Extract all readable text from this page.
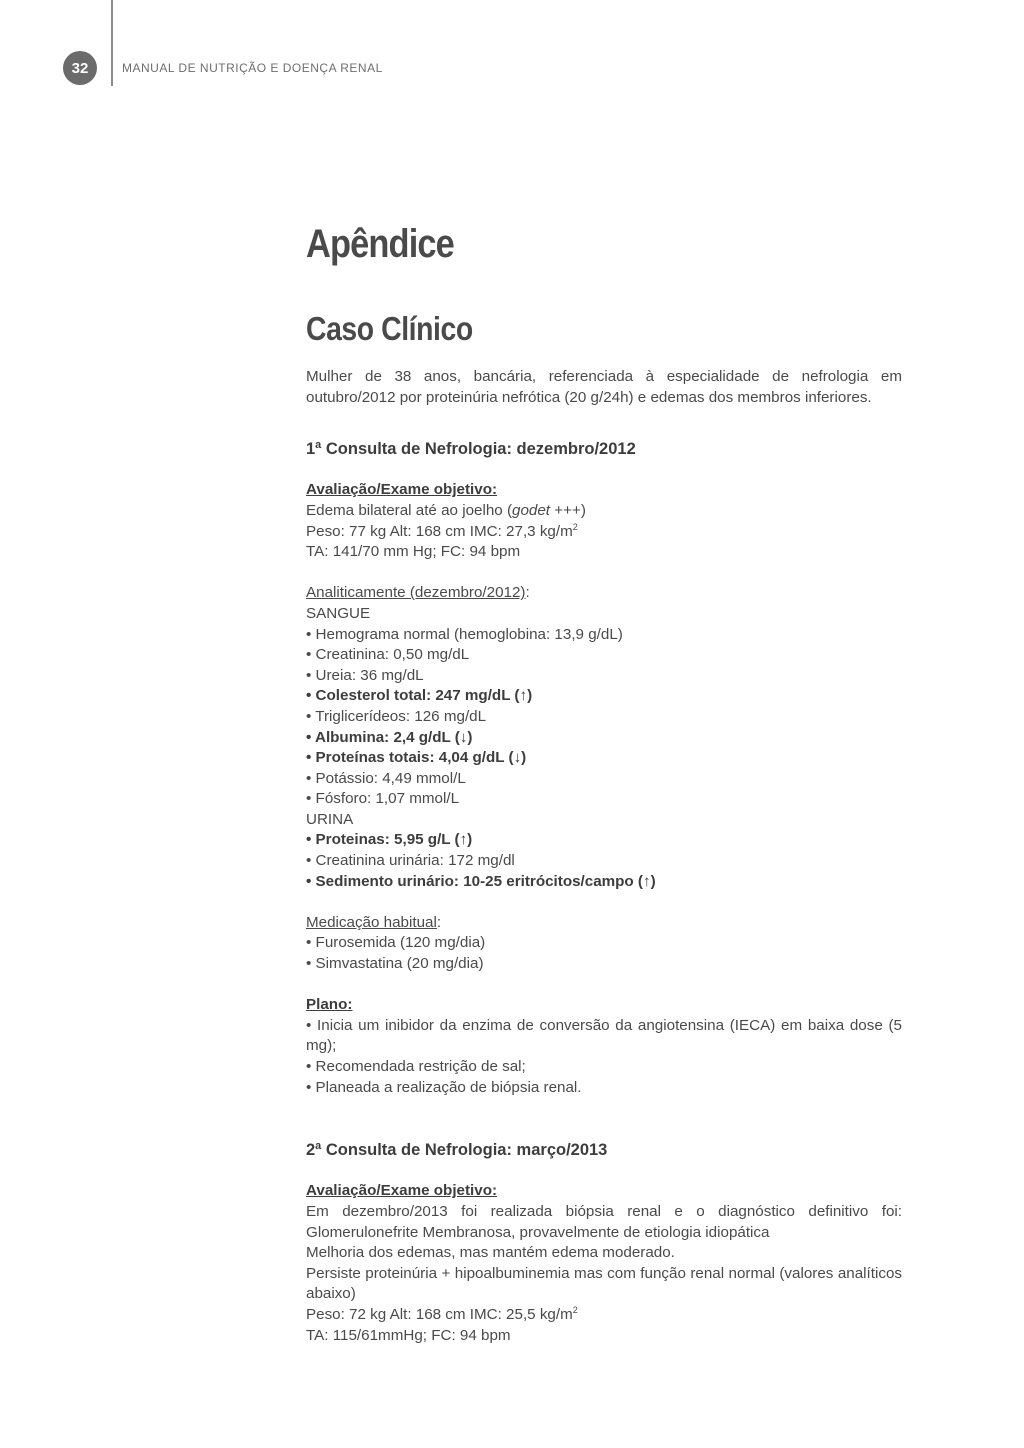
32	MANUAL DE NUTRIÇÃO E DOENÇA RENAL
Apêndice
Caso Clínico

Mulher de 38 anos, bancária, referenciada à especialidade de nefrologia em outubro/2012 por proteinúria nefrótica (20 g/24h) e edemas dos membros inferiores.

1ª Consulta de Nefrologia: dezembro/2012

Avaliação/Exame objetivo:

Edema bilateral até ao joelho (godet +++)

Peso: 77 kg Alt: 168 cm IMC: 27,3 $kg/m^2$

TA: 141/70 mm Hg; FC: 94 bpm

Analiticamente (dezembro/2012):

SANGUE

• Hemograma normal (hemoglobina: 13,9 g/dL)
• Creatinina: 0,50 mg/dL
• Ureia: 36 mg/dL
• Colesterol total: 247 mg/dL (↑)
• Triglicerídeos: 126 mg/dL
• Albumina: 2,4 g/dL (↓)
• Proteínas totais: 4,04 g/dL (↓)
• Potássio: 4,49 mmol/L
• Fósforo: 1,07 mmol/L

URINA

• Proteinas: 5,95 g/L (↑)
• Creatinina urinária: 172 mg/dl
• Sedimento urinário: 10-25 eritrócitos/campo (↑)

Medicação habitual:

• Furosemida (120 mg/dia)
• Simvastatina (20 mg/dia)

Plano:

• Inicia um inibidor da enzima de conversão da angiotensina (IECA) em baixa dose (5 mg);
• Recomendada restrição de sal;
• Planeada a realização de biópsia renal.

2ª Consulta de Nefrologia: março/2013

Avaliação/Exame objetivo:

Em dezembro/2013 foi realizada biópsia renal e o diagnóstico definitivo foi: Glomerulonefrite Membranosa, provavelmente de etiologia idiopática

Melhoria dos edemas, mas mantém edema moderado.

Persiste proteinúria + hipoalbuminemia mas com função renal normal (valores analíticos abaixo)

Peso: 72 kg Alt: 168 cm IMC: 25,5 $kg/m^2$

TA: 115/61mmHg; FC: 94 bpm
